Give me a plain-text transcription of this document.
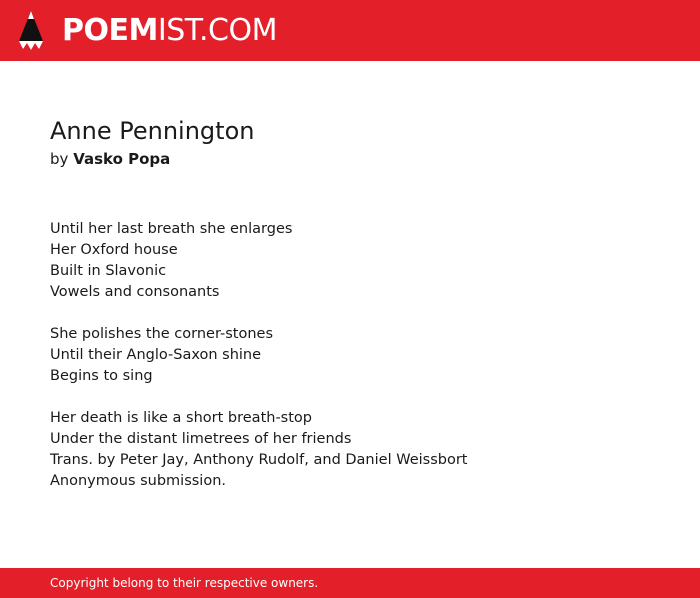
POEMIST.COM
Anne Pennington
by Vasko Popa
Until her last breath she enlarges
Her Oxford house
Built in Slavonic
Vowels and consonants
She polishes the corner-stones
Until their Anglo-Saxon shine
Begins to sing
Her death is like a short breath-stop
Under the distant limetrees of her friends
Trans. by Peter Jay, Anthony Rudolf, and Daniel Weissbort
Anonymous submission.
Copyright belong to their respective owners.
